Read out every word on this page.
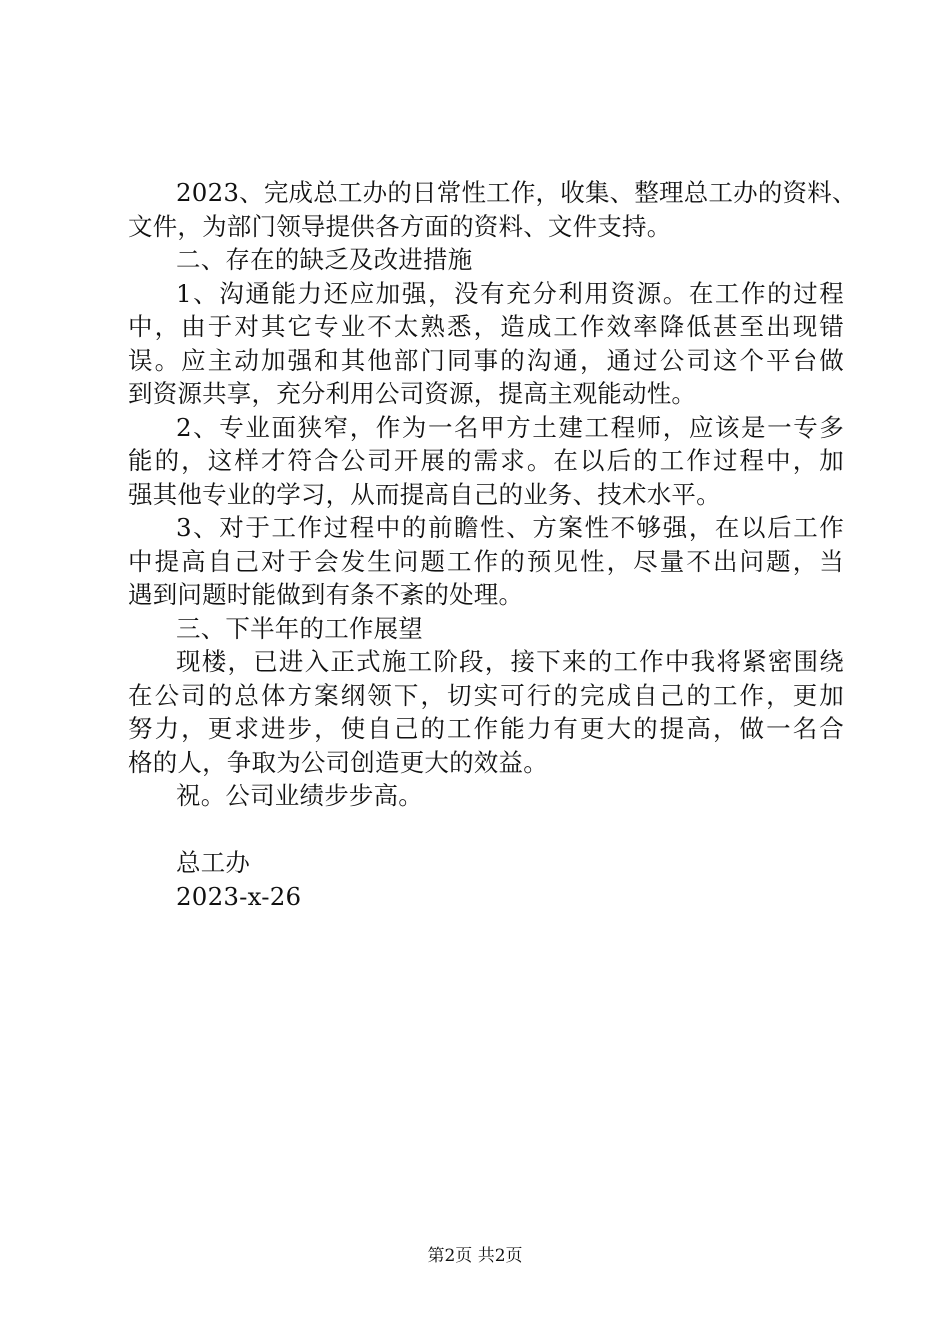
2023、完成总工办的日常性工作，收集、整理总工办的资料、
文件，为部门领导提供各方面的资料、文件支持。
二、存在的缺乏及改进措施
1、沟通能力还应加强，没有充分利用资源。在工作的过程
中，由于对其它专业不太熟悉，造成工作效率降低甚至出现错
误。应主动加强和其他部门同事的沟通，通过公司这个平台做
到资源共享，充分利用公司资源，提高主观能动性。
2、专业面狭窄，作为一名甲方土建工程师，应该是一专多
能的，这样才符合公司开展的需求。在以后的工作过程中，加
强其他专业的学习，从而提高自己的业务、技术水平。
3、对于工作过程中的前瞻性、方案性不够强，在以后工作
中提高自己对于会发生问题工作的预见性，尽量不出问题，当
遇到问题时能做到有条不紊的处理。
三、下半年的工作展望
现楼，已进入正式施工阶段，接下来的工作中我将紧密围绕
在公司的总体方案纲领下，切实可行的完成自己的工作，更加
努力，更求进步，使自己的工作能力有更大的提高，做一名合
格的人，争取为公司创造更大的效益。
祝。公司业绩步步高。
总工办
2023-x-26
第2页 共2页
